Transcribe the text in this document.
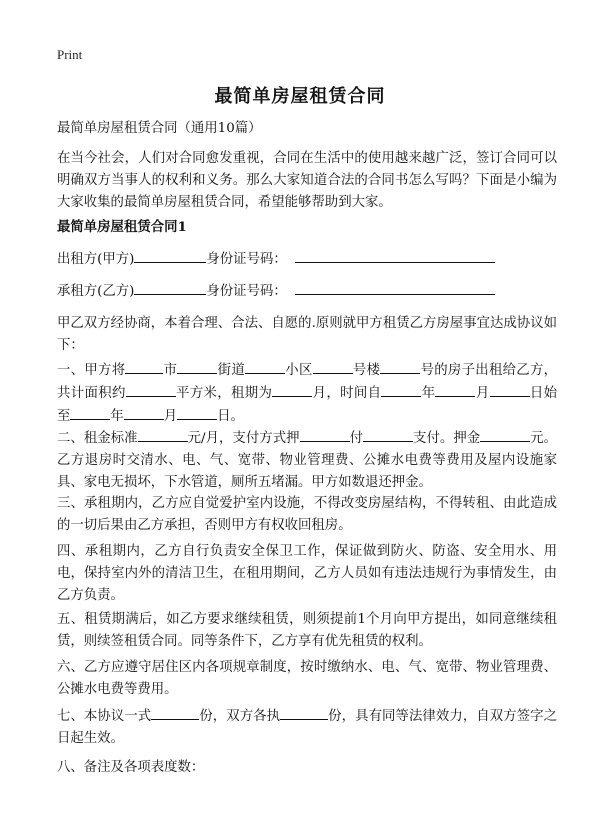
Print
最简单房屋租赁合同

最简单房屋租赁合同（通用10篇）

在当今社会，人们对合同愈发重视，合同在生活中的使用越来越广泛，签订合同可以明确双方当事人的权利和义务。那么大家知道合法的合同书怎么写吗？下面是小编为大家收集的最简单房屋租赁合同，希望能够帮助到大家。

最简单房屋租赁合同1

出租方(甲方)	身份证号码：
承租方(乙方)	身份证号码：

甲乙双方经协商，本着合理、合法、自愿的.原则就甲方租赁乙方房屋事宜达成协议如下：

一、甲方将	市	街道	小区	号楼	号的房子出租给乙方，共计面积约	平方米，租期为	月，时间自	年	月	日始至	年	月	日。

二、租金标准	元/月，支付方式押	付	支付。押金	元。乙方退房时交清水、电、气、宽带、物业管理费、公摊水电费等费用及屋内设施家具、家电无损坏，下水管道，厕所五堵漏。甲方如数退还押金。

三、承租期内，乙方应自觉爱护室内设施，不得改变房屋结构，不得转租、由此造成的一切后果由乙方承担，否则甲方有权收回租房。

四、承租期内，乙方自行负责安全保卫工作，保证做到防火、防盗、安全用水、用电，保持室内外的清洁卫生，在租用期间，乙方人员如有违法违规行为事情发生，由乙方负责。

五、租赁期满后，如乙方要求继续租赁，则须提前1个月向甲方提出，如同意继续租赁，则续签租赁合同。同等条件下，乙方享有优先租赁的权利。

六、乙方应遵守居住区内各项规章制度，按时缴纳水、电、气、宽带、物业管理费、公摊水电费等费用。

七、本协议一式	份，双方各执	份，具有同等法律效力，自双方签字之日起生效。

八、备注及各项表度数：
